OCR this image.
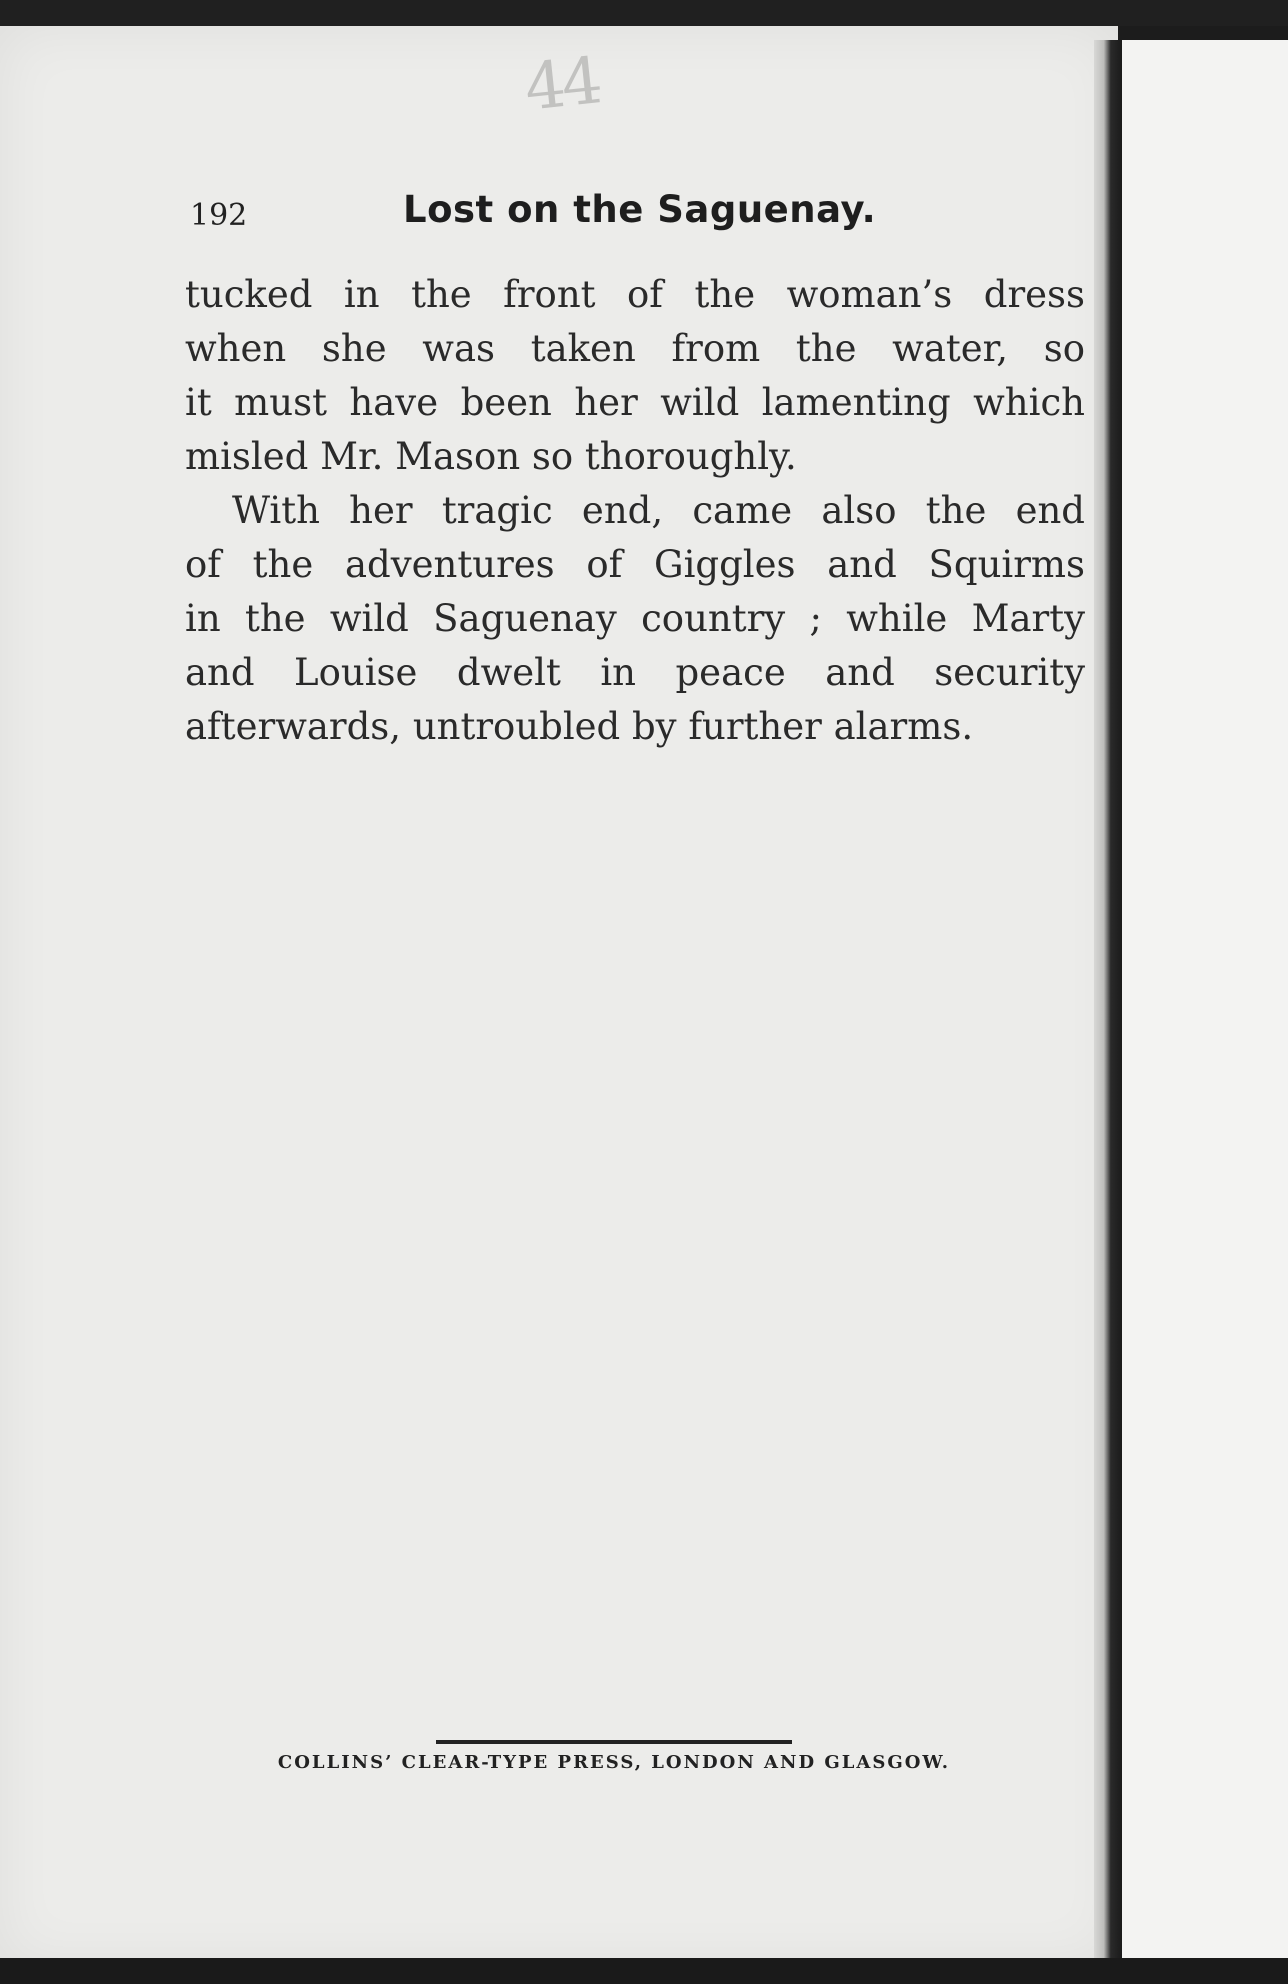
44
192	Lost on the Saguenay.
tucked in the front of the woman’s dress
when she was taken from the water, so
it must have been her wild lamenting which
misled Mr. Mason so thoroughly.
With her tragic end, came also the end
of the adventures of Giggles and Squirms
in the wild Saguenay country ; while Marty
and Louise dwelt in peace and security
afterwards, untroubled by further alarms.
COLLINS’ CLEAR-TYPE PRESS, LONDON AND GLASGOW.
